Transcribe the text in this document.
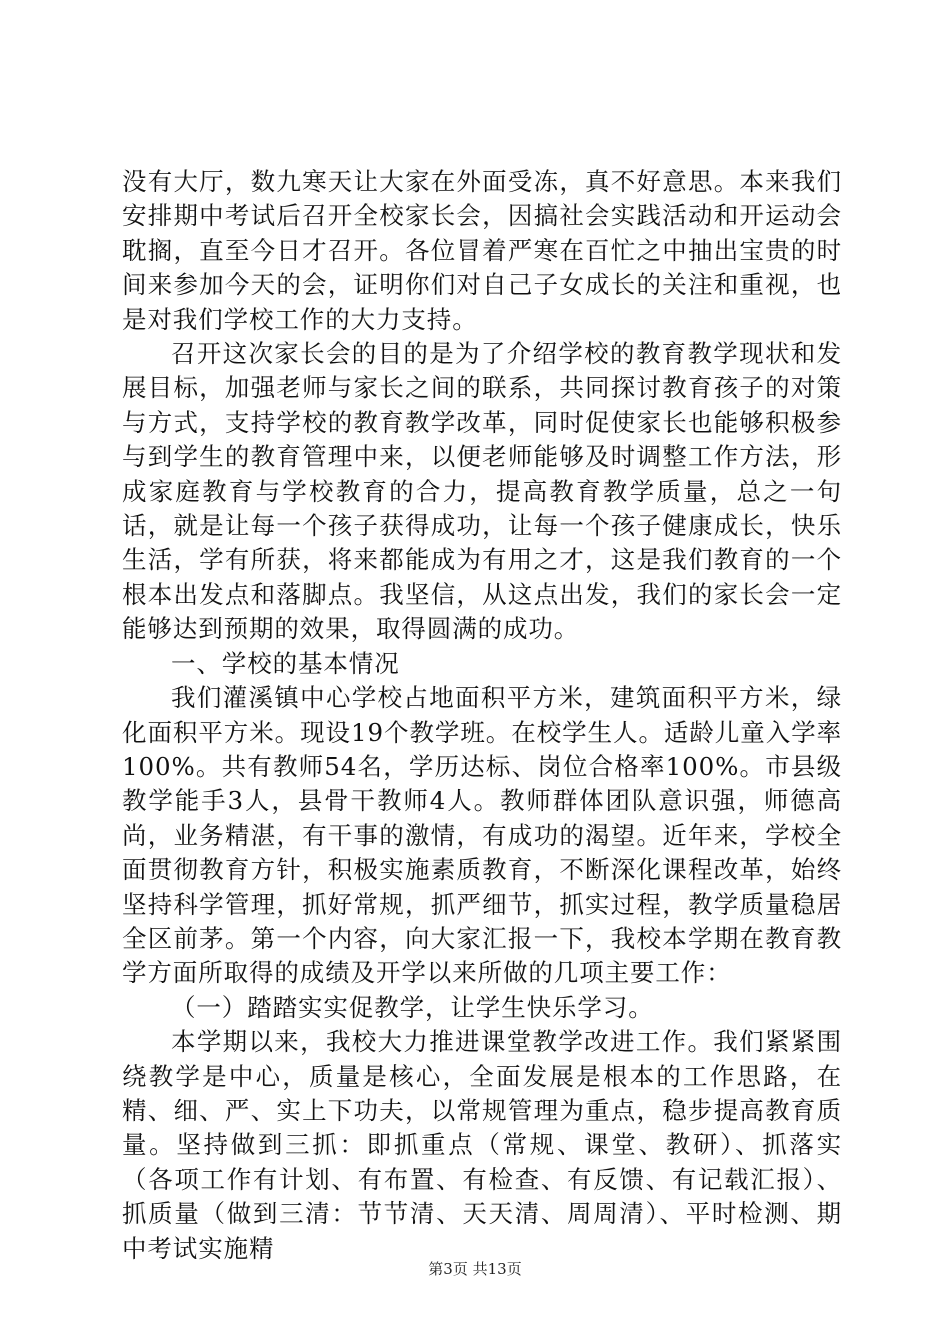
没有大厅，数九寒天让大家在外面受冻，真不好意思。本来我们安排期中考试后召开全校家长会，因搞社会实践活动和开运动会耽搁，直至今日才召开。各位冒着严寒在百忙之中抽出宝贵的时间来参加今天的会，证明你们对自己子女成长的关注和重视，也是对我们学校工作的大力支持。

召开这次家长会的目的是为了介绍学校的教育教学现状和发展目标，加强老师与家长之间的联系，共同探讨教育孩子的对策与方式，支持学校的教育教学改革，同时促使家长也能够积极参与到学生的教育管理中来，以便老师能够及时调整工作方法，形成家庭教育与学校教育的合力，提高教育教学质量，总之一句话，就是让每一个孩子获得成功，让每一个孩子健康成长，快乐生活，学有所获，将来都能成为有用之才，这是我们教育的一个根本出发点和落脚点。我坚信，从这点出发，我们的家长会一定能够达到预期的效果，取得圆满的成功。

一、学校的基本情况

我们灌溪镇中心学校占地面积平方米，建筑面积平方米，绿化面积平方米。现设19个教学班。在校学生人。适龄儿童入学率100%。共有教师54名，学历达标、岗位合格率100%。市县级教学能手3人，县骨干教师4人。教师群体团队意识强，师德高尚，业务精湛，有干事的激情，有成功的渴望。近年来，学校全面贯彻教育方针，积极实施素质教育，不断深化课程改革，始终坚持科学管理，抓好常规，抓严细节，抓实过程，教学质量稳居全区前茅。第一个内容，向大家汇报一下，我校本学期在教育教学方面所取得的成绩及开学以来所做的几项主要工作：

（一）踏踏实实促教学，让学生快乐学习。

本学期以来，我校大力推进课堂教学改进工作。我们紧紧围绕教学是中心，质量是核心，全面发展是根本的工作思路，在精、细、严、实上下功夫，以常规管理为重点，稳步提高教育质量。坚持做到三抓：即抓重点（常规、课堂、教研）、抓落实（各项工作有计划、有布置、有检查、有反馈、有记载汇报）、抓质量（做到三清：节节清、天天清、周周清）、平时检测、期中考试实施精

第3页 共13页
